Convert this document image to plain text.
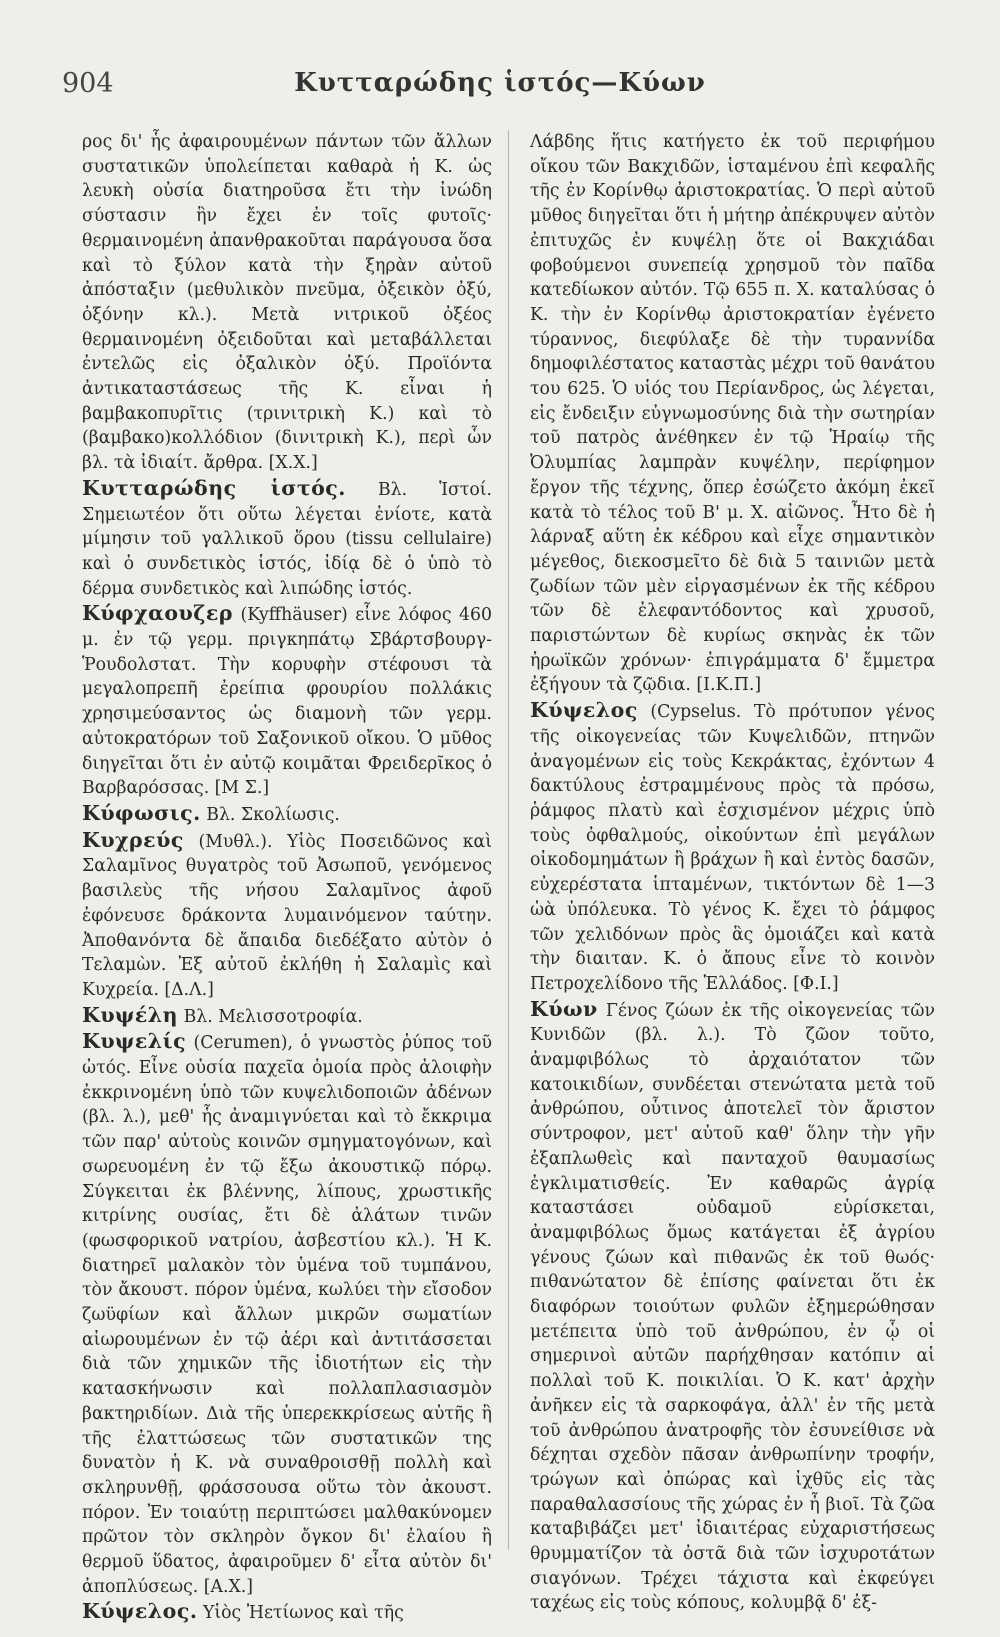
904	Κυτταρώδης ἱστός—Κύων

ρος δι' ἧς ἀφαιρουμένων πάντων τῶν ἄλλων συστατικῶν ὑπολείπεται καθαρὰ ἡ Κ. ὡς λευκὴ οὐσία διατηροῦσα ἔτι τὴν ἰνώδη σύστασιν ἣν ἔχει ἐν τοῖς φυτοῖς· θερμαινομένη ἀπανθρακοῦται παράγουσα ὅσα καὶ τὸ ξύλον κατὰ τὴν ξηρὰν αὐτοῦ ἀπόσταξιν (μεθυλικὸν πνεῦμα, ὀξεικὸν ὀξύ, ὀξόνην κλ.). Μετὰ νιτρικοῦ ὀξέος θερμαινομένη ὀξειδοῦται καὶ μεταβάλλεται ἐντελῶς εἰς ὀξαλικὸν ὀξύ. Προϊόντα ἀντικαταστάσεως τῆς Κ. εἶναι ἡ βαμβακοπυρῖτις (τρινιτρικὴ Κ.) καὶ τὸ (βαμβακο)κολλόδιον (δινιτρικὴ Κ.), περὶ ὧν βλ. τὰ ἰδιαίτ. ἄρθρα. [Χ.Χ.]

Κυτταρώδης ἱστός. Βλ. Ἱστοί. Σημειωτέον ὅτι οὕτω λέγεται ἐνίοτε, κατὰ μίμησιν τοῦ γαλλικοῦ ὅρου (tissu cellulaire) καὶ ὁ συνδετικὸς ἱστός, ἰδίᾳ δὲ ὁ ὑπὸ τὸ δέρμα συνδετικὸς καὶ λιπώδης ἱστός.

Κύφχαουζερ (Kyffhäuser) εἶνε λόφος 460 μ. ἐν τῷ γερμ. πριγκηπάτῳ Σβάρτσβουργ-Ῥουδολστατ. Τὴν κορυφὴν στέφουσι τὰ μεγαλοπρεπῆ ἐρείπια φρουρίου πολλάκις χρησιμεύσαντος ὡς διαμονὴ τῶν γερμ. αὐτοκρατόρων τοῦ Σαξονικοῦ οἴκου. Ὁ μῦθος διηγεῖται ὅτι ἐν αὐτῷ κοιμᾶται Φρειδερῖκος ὁ Βαρβαρόσσας. [Μ Σ.]

Κύφωσις. Βλ. Σκολίωσις.

Κυχρεύς (Μυθλ.). Υἱὸς Ποσειδῶνος καὶ Σαλαμῖνος θυγατρὸς τοῦ Ἀσωποῦ, γενόμενος βασιλεὺς τῆς νήσου Σαλαμῖνος ἀφοῦ ἐφόνευσε δράκοντα λυμαινόμενον ταύτην. Ἀποθανόντα δὲ ἄπαιδα διεδέξατο αὐτὸν ὁ Τελαμὼν. Ἐξ αὐτοῦ ἐκλήθη ἡ Σαλαμὶς καὶ Κυχρεία. [Δ.Λ.]

Κυψέλη Βλ. Μελισσοτροφία.

Κυψελίς (Cerumen), ὁ γνωστὸς ῥύπος τοῦ ὠτός. Εἶνε οὐσία παχεῖα ὁμοία πρὸς ἀλοιφὴν ἐκκρινομένη ὑπὸ τῶν κυψελιδοποιῶν ἀδένων (βλ. λ.), μεθ' ἧς ἀναμιγνύεται καὶ τὸ ἔκκριμα τῶν παρ' αὐτοὺς κοινῶν σμηγματογόνων, καὶ σωρευομένη ἐν τῷ ἔξω ἀκουστικῷ πόρῳ. Σύγκειται ἐκ βλέννης, λίπους, χρωστικῆς κιτρίνης ουσίας, ἔτι δὲ ἀλάτων τινῶν (φωσφορικοῦ νατρίου, ἀσβεστίου κλ.). Ἡ Κ. διατηρεῖ μαλακὸν τὸν ὑμένα τοῦ τυμπάνου, τὸν ἄκουστ. πόρον ὑμένα, κωλύει τὴν εἴσοδον ζωϋφίων καὶ ἄλλων μικρῶν σωματίων αἰωρουμένων ἐν τῷ ἀέρι καὶ ἀντιτάσσεται διὰ τῶν χημικῶν τῆς ἰδιοτήτων εἰς τὴν κατασκήνωσιν καὶ πολλαπλασιασμὸν βακτηριδίων. Διὰ τῆς ὑπερεκκρίσεως αὐτῆς ἢ τῆς ἐλαττώσεως τῶν συστατικῶν της δυνατὸν ἡ Κ. νὰ συναθροισθῇ πολλὴ καὶ σκληρυνθῇ, φράσσουσα οὕτω τὸν ἀκουστ. πόρον. Ἐν τοιαύτῃ περιπτώσει μαλθακύνομεν πρῶτον τὸν σκληρὸν ὄγκον δι' ἐλαίου ἢ θερμοῦ ὕδατος, ἀφαιροῦμεν δ' εἶτα αὐτὸν δι' ἀποπλύσεως. [Α.Χ.]

Κύψελος. Υἱὸς Ἠετίωνος καὶ τῆς

Λάβδης ἥτις κατήγετο ἐκ τοῦ περιφήμου οἴκου τῶν Βακχιδῶν, ἱσταμένου ἐπὶ κεφαλῆς τῆς ἐν Κορίνθῳ ἀριστοκρατίας. Ὁ περὶ αὐτοῦ μῦθος διηγεῖται ὅτι ἡ μήτηρ ἀπέκρυψεν αὐτὸν ἐπιτυχῶς ἐν κυψέλῃ ὅτε οἱ Βακχιάδαι φοβούμενοι συνεπείᾳ χρησμοῦ τὸν παῖδα κατεδίωκον αὐτόν. Τῷ 655 π. Χ. καταλύσας ὁ Κ. τὴν ἐν Κορίνθῳ ἀριστοκρατίαν ἐγένετο τύραννος, διεφύλαξε δὲ τὴν τυραννίδα δημοφιλέστατος καταστὰς μέχρι τοῦ θανάτου του 625. Ὁ υἱός του Περίανδρος, ὡς λέγεται, εἰς ἔνδειξιν εὐγνωμοσύνης διὰ τὴν σωτηρίαν τοῦ πατρὸς ἀνέθηκεν ἐν τῷ Ἡραίῳ τῆς Ὀλυμπίας λαμπρὰν κυψέλην, περίφημον ἔργον τῆς τέχνης, ὅπερ ἐσώζετο ἀκόμη ἐκεῖ κατὰ τὸ τέλος τοῦ Β' μ. Χ. αἰῶνος. Ἦτο δὲ ἡ λάρναξ αὕτη ἐκ κέδρου καὶ εἶχε σημαντικὸν μέγεθος, διεκοσμεῖτο δὲ διὰ 5 ταινιῶν μετὰ ζωδίων τῶν μὲν εἰργασμένων ἐκ τῆς κέδρου τῶν δὲ ἐλεφαντόδοντος καὶ χρυσοῦ, παριστώντων δὲ κυρίως σκηνὰς ἐκ τῶν ἡρωϊκῶν χρόνων· ἐπιγράμματα δ' ἔμμετρα ἐξήγουν τὰ ζῷδια. [Ι.Κ.Π.]

Κύψελος (Cypselus. Τὸ πρότυπον γένος τῆς οἰκογενείας τῶν Κυψελιδῶν, πτηνῶν ἀναγομένων εἰς τοὺς Κεκράκτας, ἐχόντων 4 δακτύλους ἐστραμμένους πρὸς τὰ πρόσω, ῥάμφος πλατὺ καὶ ἐσχισμένον μέχρις ὑπὸ τοὺς ὀφθαλμούς, οἰκούντων ἐπὶ μεγάλων οἰκοδομημάτων ἢ βράχων ἢ καὶ ἐντὸς δασῶν, εὐχερέστατα ἱπταμένων, τικτόντων δὲ 1—3 ὠὰ ὑπόλευκα. Τὸ γένος Κ. ἔχει τὸ ῥάμφος τῶν χελιδόνων πρὸς ἃς ὁμοιάζει καὶ κατὰ τὴν διαιταν. Κ. ὁ ἄπους εἶνε τὸ κοινὸν Πετροχελίδονο τῆς Ἑλλάδος. [Φ.Ι.]

Κύων Γένος ζώων ἐκ τῆς οἰκογενείας τῶν Κυνιδῶν (βλ. λ.). Τὸ ζῶον τοῦτο, ἀναμφιβόλως τὸ ἀρχαιότατον τῶν κατοικιδίων, συνδέεται στενώτατα μετὰ τοῦ ἀνθρώπου, οὗτινος ἀποτελεῖ τὸν ἄριστον σύντροφον, μετ' αὐτοῦ καθ' ὅλην τὴν γῆν ἐξαπλωθεὶς καὶ πανταχοῦ θαυμασίως ἐγκλιματισθείς. Ἐν καθαρῶς ἀγρίᾳ καταστάσει οὐδαμοῦ εὑρίσκεται, ἀναμφιβόλως ὅμως κατάγεται ἐξ ἀγρίου γένους ζώων καὶ πιθανῶς ἐκ τοῦ θωός· πιθανώτατον δὲ ἐπίσης φαίνεται ὅτι ἐκ διαφόρων τοιούτων φυλῶν ἐξημερώθησαν μετέπειτα ὑπὸ τοῦ ἀνθρώπου, ἐν ᾧ οἱ σημερινοὶ αὐτῶν παρήχθησαν κατόπιν αἱ πολλαὶ τοῦ Κ. ποικιλίαι. Ὁ Κ. κατ' ἀρχὴν ἀνῆκεν εἰς τὰ σαρκοφάγα, ἀλλ' ἐν τῆς μετὰ τοῦ ἀνθρώπου ἀνατροφῆς τὸν ἐσυνείθισε νὰ δέχηται σχεδὸν πᾶσαν ἀνθρωπίνην τροφήν, τρώγων καὶ ὀπώρας καὶ ἰχθῦς εἰς τὰς παραθαλασσίους τῆς χώρας ἐν ἦ βιοῖ. Τὰ ζῶα καταβιβάζει μετ' ἰδιαιτέρας εὐχαριστήσεως θρυμματίζον τὰ ὀστᾶ διὰ τῶν ἰσχυροτάτων σιαγόνων. Τρέχει τάχιστα καὶ ἐκφεύγει ταχέως εἰς τοὺς κόπους, κολυμβᾷ δ' ἐξ-
